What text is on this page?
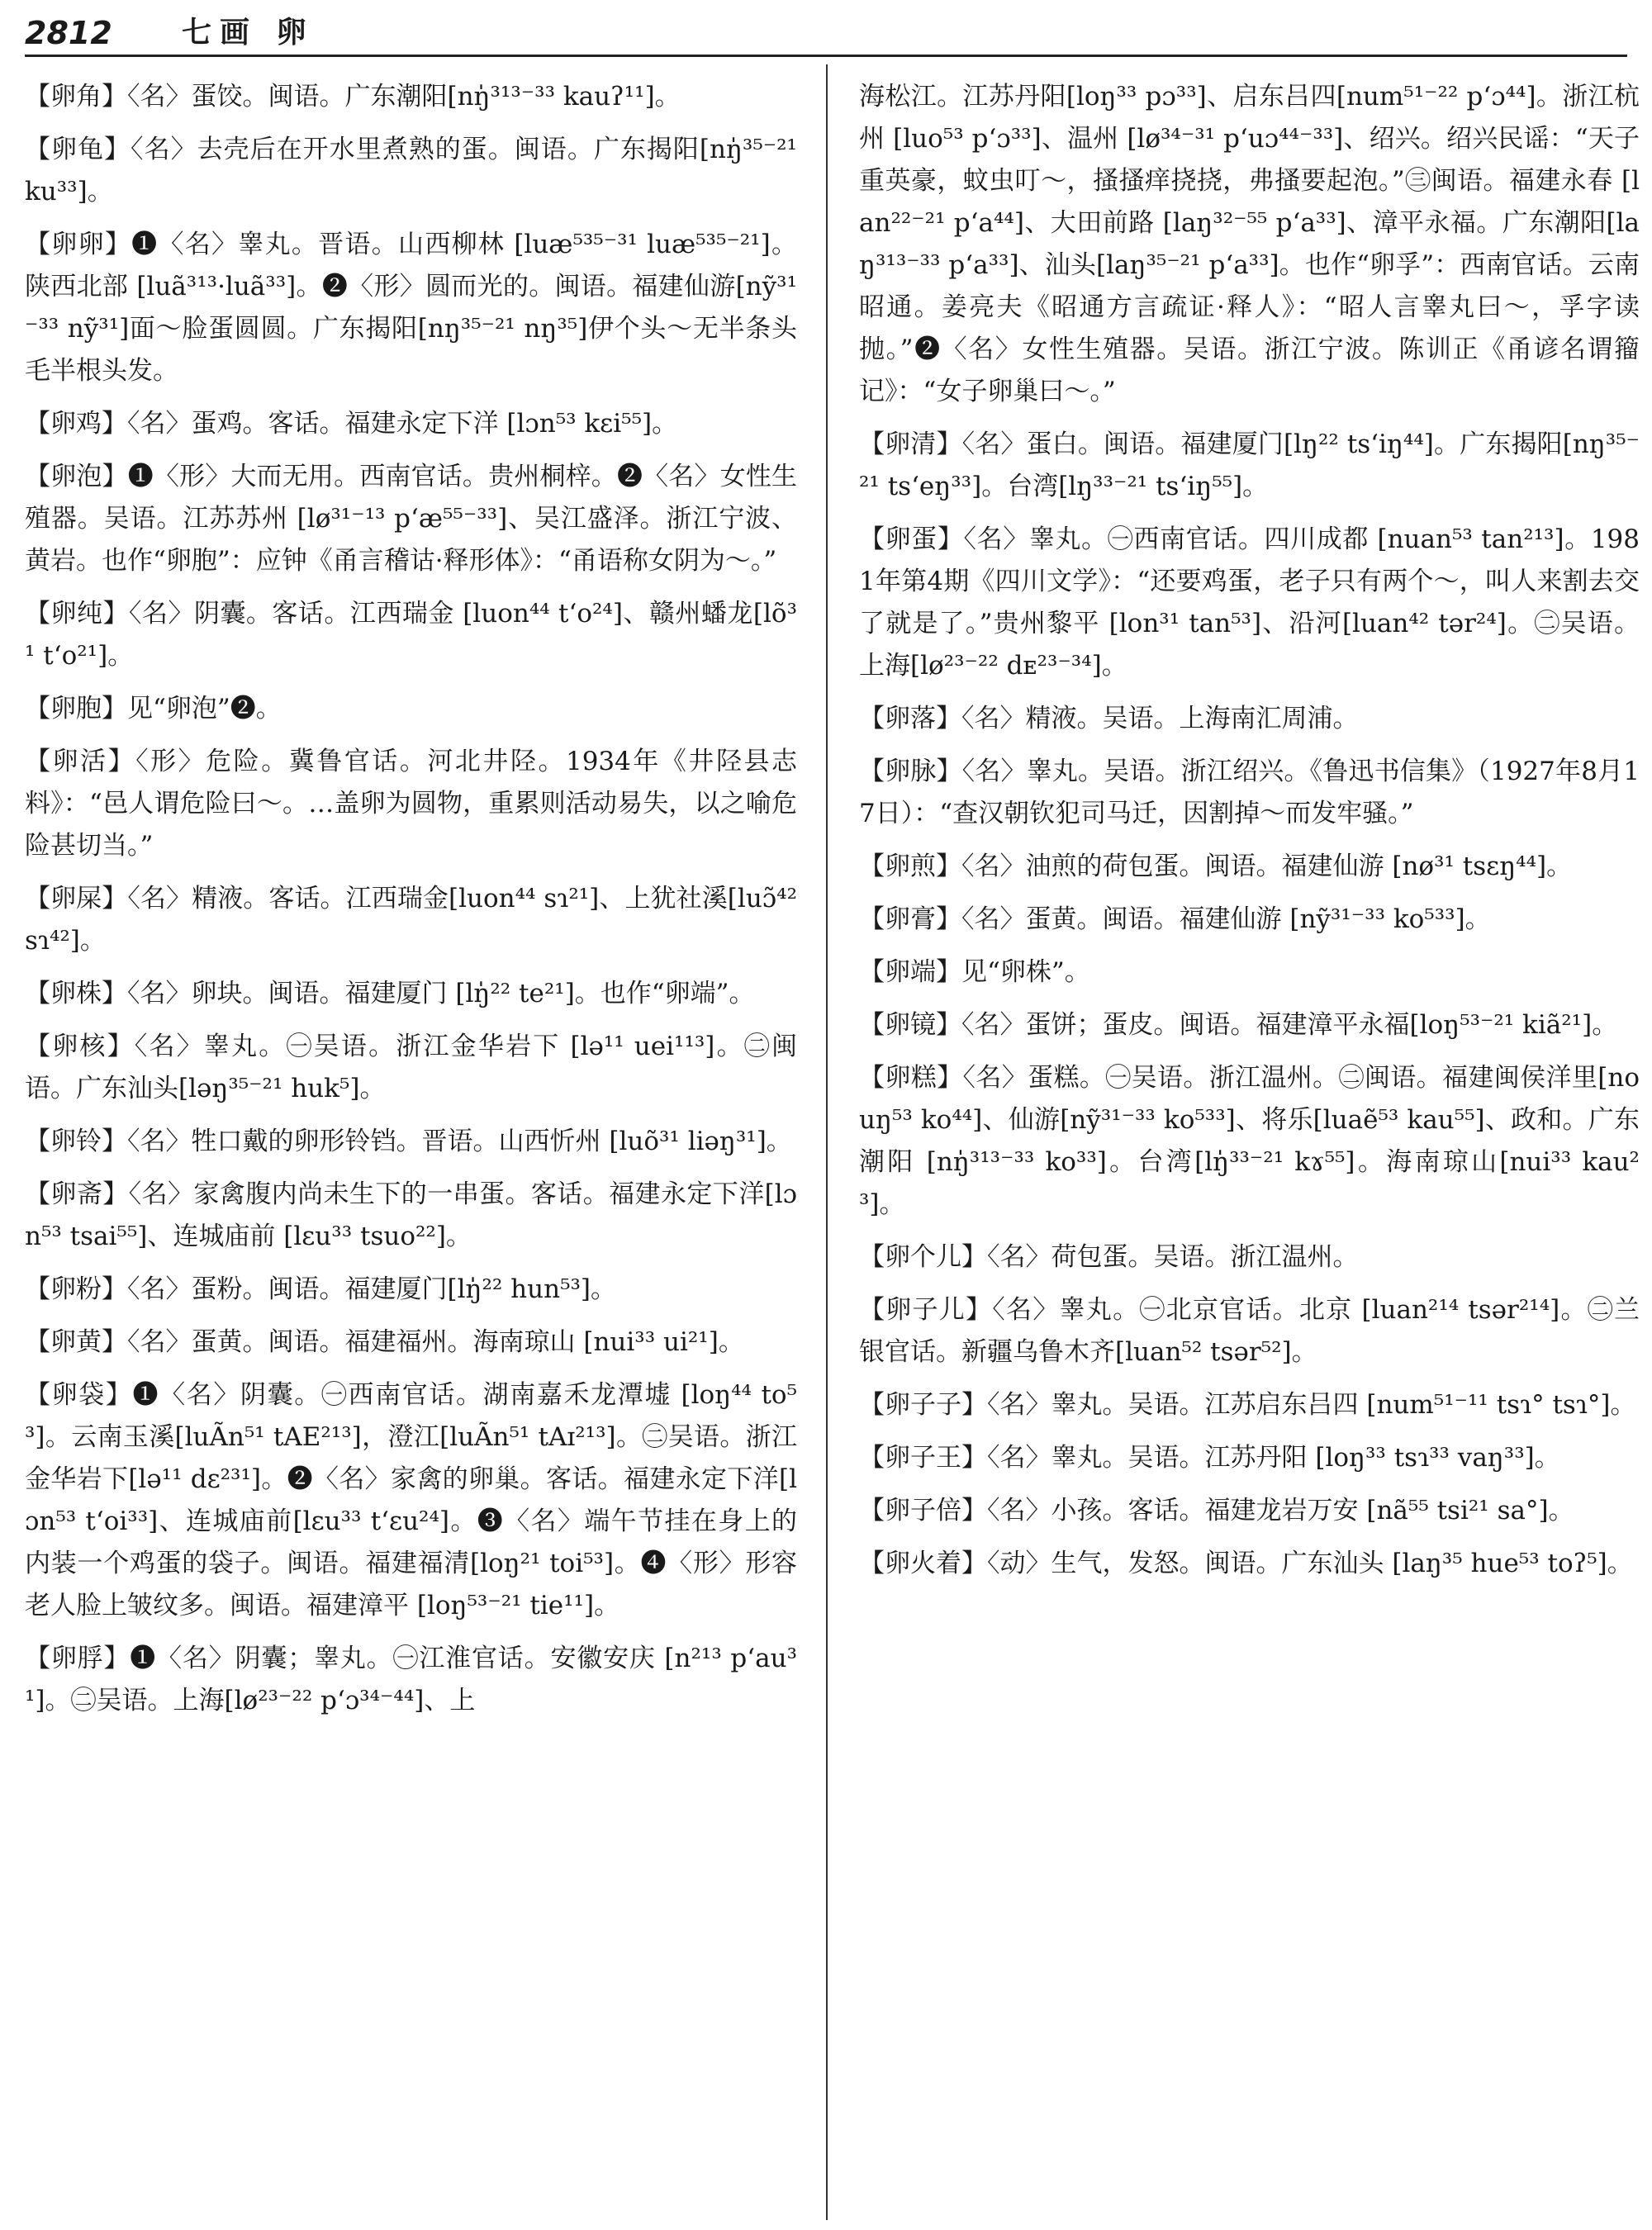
2812 七画 卵

【卵角】〈名〉蛋饺。闽语。广东潮阳[nŋ̍³¹³⁻³³ kauʔ¹¹]。

【卵龟】〈名〉去壳后在开水里煮熟的蛋。闽语。广东揭阳[nŋ̍³⁵⁻²¹ ku³³]。

【卵卵】❶〈名〉睾丸。晋语。山西柳林 [luæ⁵³⁵⁻³¹ luæ⁵³⁵⁻²¹]。陕西北部 [luã³¹³·luã³³]。❷〈形〉圆而光的。闽语。福建仙游[nỹ³¹⁻³³ nỹ³¹]面～脸蛋圆圆。广东揭阳[nŋ³⁵⁻²¹ nŋ³⁵]伊个头～无半条头毛半根头发。

【卵鸡】〈名〉蛋鸡。客话。福建永定下洋 [lɔn⁵³ kɛi⁵⁵]。

【卵泡】❶〈形〉大而无用。西南官话。贵州桐梓。❷〈名〉女性生殖器。吴语。江苏苏州 [lø³¹⁻¹³ pʻæ⁵⁵⁻³³]、吴江盛泽。浙江宁波、黄岩。也作“卵胞”：应钟《甬言稽诂·释形体》：“甬语称女阴为～。”

【卵纯】〈名〉阴囊。客话。江西瑞金 [luon⁴⁴ tʻo²⁴]、赣州蟠龙[lõ³¹ tʻo²¹]。

【卵胞】见“卵泡”❷。

【卵活】〈形〉危险。冀鲁官话。河北井陉。1934年《井陉县志料》：“邑人谓危险曰～。…盖卵为圆物，重累则活动易失，以之喻危险甚切当。”

【卵屎】〈名〉精液。客话。江西瑞金[luon⁴⁴ sɿ²¹]、上犹社溪[luɔ̃⁴² sɿ⁴²]。

【卵株】〈名〉卵块。闽语。福建厦门 [lŋ̍²² te²¹]。也作“卵端”。

【卵核】〈名〉睾丸。㊀吴语。浙江金华岩下 [lə¹¹ uei¹¹³]。㊁闽语。广东汕头[ləŋ³⁵⁻²¹ huk⁵]。

【卵铃】〈名〉牲口戴的卵形铃铛。晋语。山西忻州 [luõ³¹ liəŋ³¹]。

【卵斋】〈名〉家禽腹内尚未生下的一串蛋。客话。福建永定下洋[lɔn⁵³ tsai⁵⁵]、连城庙前 [lɛu³³ tsuo²²]。

【卵粉】〈名〉蛋粉。闽语。福建厦门[lŋ̍²² hun⁵³]。

【卵黄】〈名〉蛋黄。闽语。福建福州。海南琼山 [nui³³ ui²¹]。

【卵袋】❶〈名〉阴囊。㊀西南官话。湖南嘉禾龙潭墟 [loŋ⁴⁴ to⁵³]。云南玉溪[luÃn⁵¹ tAE²¹³]，澄江[luÃn⁵¹ tAɪ²¹³]。㊁吴语。浙江金华岩下[lə¹¹ dɛ²³¹]。❷〈名〉家禽的卵巢。客话。福建永定下洋[lɔn⁵³ tʻoi³³]、连城庙前[lɛu³³ tʻɛu²⁴]。❸〈名〉端午节挂在身上的内装一个鸡蛋的袋子。闽语。福建福清[loŋ²¹ toi⁵³]。❹〈形〉形容老人脸上皱纹多。闽语。福建漳平 [loŋ⁵³⁻²¹ tie¹¹]。

【卵脬】❶〈名〉阴囊；睾丸。㊀江淮官话。安徽安庆 [n²¹³ pʻau³¹]。㊁吴语。上海[lø²³⁻²² pʻɔ³⁴⁻⁴⁴]、上

海松江。江苏丹阳[loŋ³³ pɔ³³]、启东吕四[num⁵¹⁻²² pʻɔ⁴⁴]。浙江杭州 [luo⁵³ pʻɔ³³]、温州 [lø³⁴⁻³¹ pʻuɔ⁴⁴⁻³³]、绍兴。绍兴民谣：“天子重英豪，蚊虫叮～，搔搔痒挠挠，弗搔要起泡。”㊂闽语。福建永春 [lan²²⁻²¹ pʻa⁴⁴]、大田前路 [laŋ³²⁻⁵⁵ pʻa³³]、漳平永福。广东潮阳[laŋ³¹³⁻³³ pʻa³³]、汕头[laŋ³⁵⁻²¹ pʻa³³]。也作“卵孚”：西南官话。云南昭通。姜亮夫《昭通方言疏证·释人》：“昭人言睾丸曰～，孚字读抛。”❷〈名〉女性生殖器。吴语。浙江宁波。陈训正《甬谚名谓籀记》：“女子卵巢曰～。”

【卵清】〈名〉蛋白。闽语。福建厦门[lŋ²² tsʻiŋ⁴⁴]。广东揭阳[nŋ³⁵⁻²¹ tsʻeŋ³³]。台湾[lŋ³³⁻²¹ tsʻiŋ⁵⁵]。

【卵蛋】〈名〉睾丸。㊀西南官话。四川成都 [nuan⁵³ tan²¹³]。1981年第4期《四川文学》：“还要鸡蛋，老子只有两个～，叫人来割去交了就是了。”贵州黎平 [lon³¹ tan⁵³]、沿河[luan⁴² tər²⁴]。㊁吴语。上海[lø²³⁻²² dᴇ²³⁻³⁴]。

【卵落】〈名〉精液。吴语。上海南汇周浦。

【卵脉】〈名〉睾丸。吴语。浙江绍兴。《鲁迅书信集》（1927年8月17日）：“查汉朝钦犯司马迁，因割掉～而发牢骚。”

【卵煎】〈名〉油煎的荷包蛋。闽语。福建仙游 [nø³¹ tsɛŋ⁴⁴]。

【卵膏】〈名〉蛋黄。闽语。福建仙游 [nỹ³¹⁻³³ ko⁵³³]。

【卵端】见“卵株”。

【卵镜】〈名〉蛋饼；蛋皮。闽语。福建漳平永福[loŋ⁵³⁻²¹ kiã²¹]。

【卵糕】〈名〉蛋糕。㊀吴语。浙江温州。㊁闽语。福建闽侯洋里[nouŋ⁵³ ko⁴⁴]、仙游[nỹ³¹⁻³³ ko⁵³³]、将乐[luaẽ⁵³ kau⁵⁵]、政和。广东潮阳 [nŋ̍³¹³⁻³³ ko³³]。台湾[lŋ̍³³⁻²¹ kɤ⁵⁵]。海南琼山[nui³³ kau²³]。

【卵个儿】〈名〉荷包蛋。吴语。浙江温州。

【卵子儿】〈名〉睾丸。㊀北京官话。北京 [luan²¹⁴ tsər²¹⁴]。㊁兰银官话。新疆乌鲁木齐[luan⁵² tsər⁵²]。

【卵子子】〈名〉睾丸。吴语。江苏启东吕四 [num⁵¹⁻¹¹ tsɿ° tsɿ°]。

【卵子王】〈名〉睾丸。吴语。江苏丹阳 [loŋ³³ tsɿ³³ vaŋ³³]。

【卵子倍】〈名〉小孩。客话。福建龙岩万安 [nã⁵⁵ tsi²¹ sa°]。

【卵火着】〈动〉生气，发怒。闽语。广东汕头 [laŋ³⁵ hue⁵³ toʔ⁵]。
